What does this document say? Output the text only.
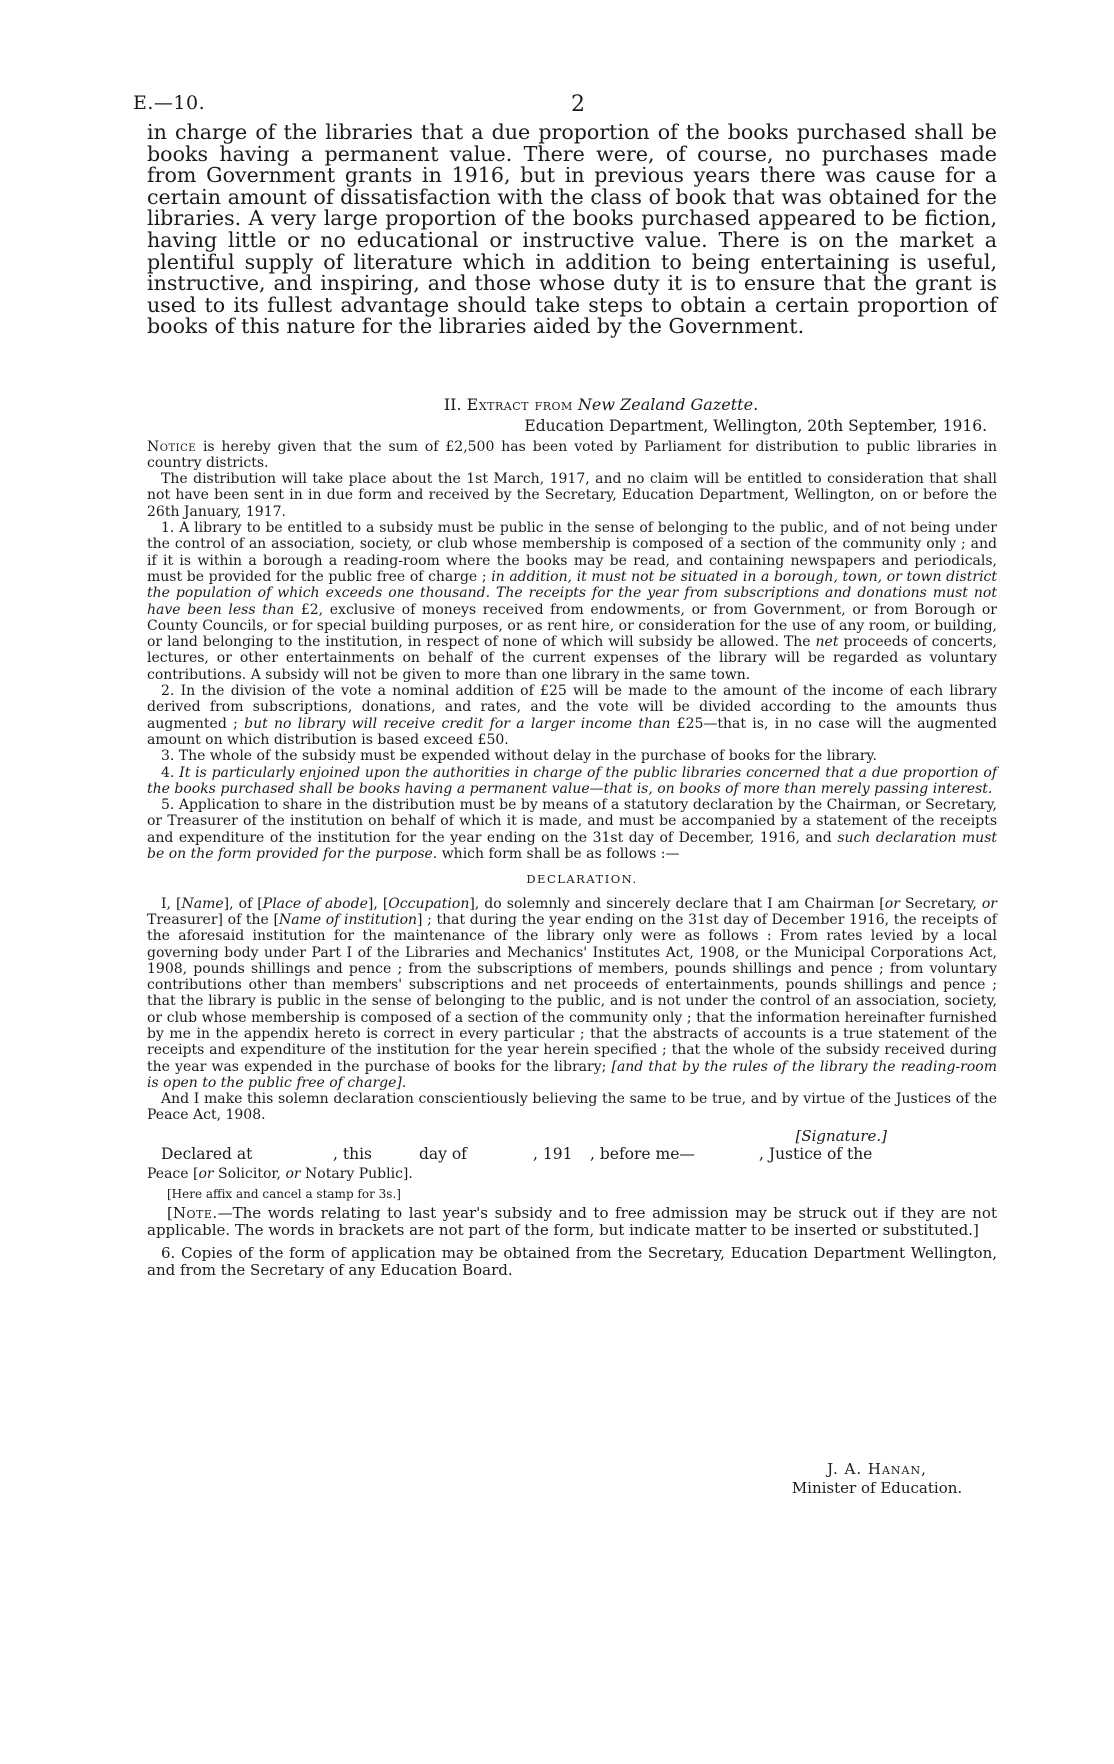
E.—10.	2

in charge of the libraries that a due proportion of the books purchased shall be books having a permanent value. There were, of course, no purchases made from Government grants in 1916, but in previous years there was cause for a certain amount of dissatisfaction with the class of book that was obtained for the libraries. A very large proportion of the books purchased appeared to be fiction, having little or no educational or instructive value. There is on the market a plentiful supply of literature which in addition to being entertaining is useful, instructive, and inspiring, and those whose duty it is to ensure that the grant is used to its fullest advantage should take steps to obtain a certain proportion of books of this nature for the libraries aided by the Government.

II. Extract from New Zealand Gazette.
Education Department, Wellington, 20th September, 1916.

Notice is hereby given that the sum of £2,500 has been voted by Parliament for distribution to public libraries in country districts.

The distribution will take place about the 1st March, 1917, and no claim will be entitled to consideration that shall not have been sent in in due form and received by the Secretary, Education Department, Wellington, on or before the 26th January, 1917.

1. A library to be entitled to a subsidy must be public in the sense of belonging to the public, and of not being under the control of an association, society, or club whose membership is composed of a section of the community only ; and if it is within a borough a reading-room where the books may be read, and containing newspapers and periodicals, must be provided for the public free of charge ; in addition, it must not be situated in a borough, town, or town district the population of which exceeds one thousand. The receipts for the year from subscriptions and donations must not have been less than £2, exclusive of moneys received from endowments, or from Government, or from Borough or County Councils, or for special building purposes, or as rent hire, or consideration for the use of any room, or building, or land belonging to the institution, in respect of none of which will subsidy be allowed. The net proceeds of concerts, lectures, or other entertainments on behalf of the current expenses of the library will be regarded as voluntary contributions. A subsidy will not be given to more than one library in the same town.

2. In the division of the vote a nominal addition of £25 will be made to the amount of the income of each library derived from subscriptions, donations, and rates, and the vote will be divided according to the amounts thus augmented ; but no library will receive credit for a larger income than £25—that is, in no case will the augmented amount on which distribution is based exceed £50.

3. The whole of the subsidy must be expended without delay in the purchase of books for the library.

4. It is particularly enjoined upon the authorities in charge of the public libraries concerned that a due proportion of the books purchased shall be books having a permanent value—that is, on books of more than merely passing interest.

5. Application to share in the distribution must be by means of a statutory declaration by the Chairman, or Secretary, or Treasurer of the institution on behalf of which it is made, and must be accompanied by a statement of the receipts and expenditure of the institution for the year ending on the 31st day of December, 1916, and such declaration must be on the form provided for the purpose. which form shall be as follows :—

DECLARATION.

I, [Name], of [Place of abode], [Occupation], do solemnly and sincerely declare that I am Chairman [or Secretary, or Treasurer] of the [Name of institution] ; that during the year ending on the 31st day of December 1916, the receipts of the aforesaid institution for the maintenance of the library only were as follows : From rates levied by a local governing body under Part I of the Libraries and Mechanics' Institutes Act, 1908, or the Municipal Corporations Act, 1908, pounds shillings and pence ; from the subscriptions of members, pounds shillings and pence ; from voluntary contributions other than members' subscriptions and net proceeds of entertainments, pounds shillings and pence ; that the library is public in the sense of belonging to the public, and is not under the control of an association, society, or club whose membership is composed of a section of the community only ; that the information hereinafter furnished by me in the appendix hereto is correct in every particular ; that the abstracts of accounts is a true statement of the receipts and expenditure of the institution for the year herein specified ; that the whole of the subsidy received during the year was expended in the purchase of books for the library; [and that by the rules of the library the reading-room is open to the public free of charge].

And I make this solemn declaration conscientiously believing the same to be true, and by virtue of the Justices of the Peace Act, 1908.

[Signature.]
Declared at	, this	day of	, 191 , before me—	, Justice of the

Peace [or Solicitor, or Notary Public].

[Here affix and cancel a stamp for 3s.]

[Note.—The words relating to last year's subsidy and to free admission may be struck out if they are not applicable. The words in brackets are not part of the form, but indicate matter to be inserted or substituted.]

6. Copies of the form of application may be obtained from the Secretary, Education Department Wellington, and from the Secretary of any Education Board.

J. A. Hanan,
Minister of Education.
